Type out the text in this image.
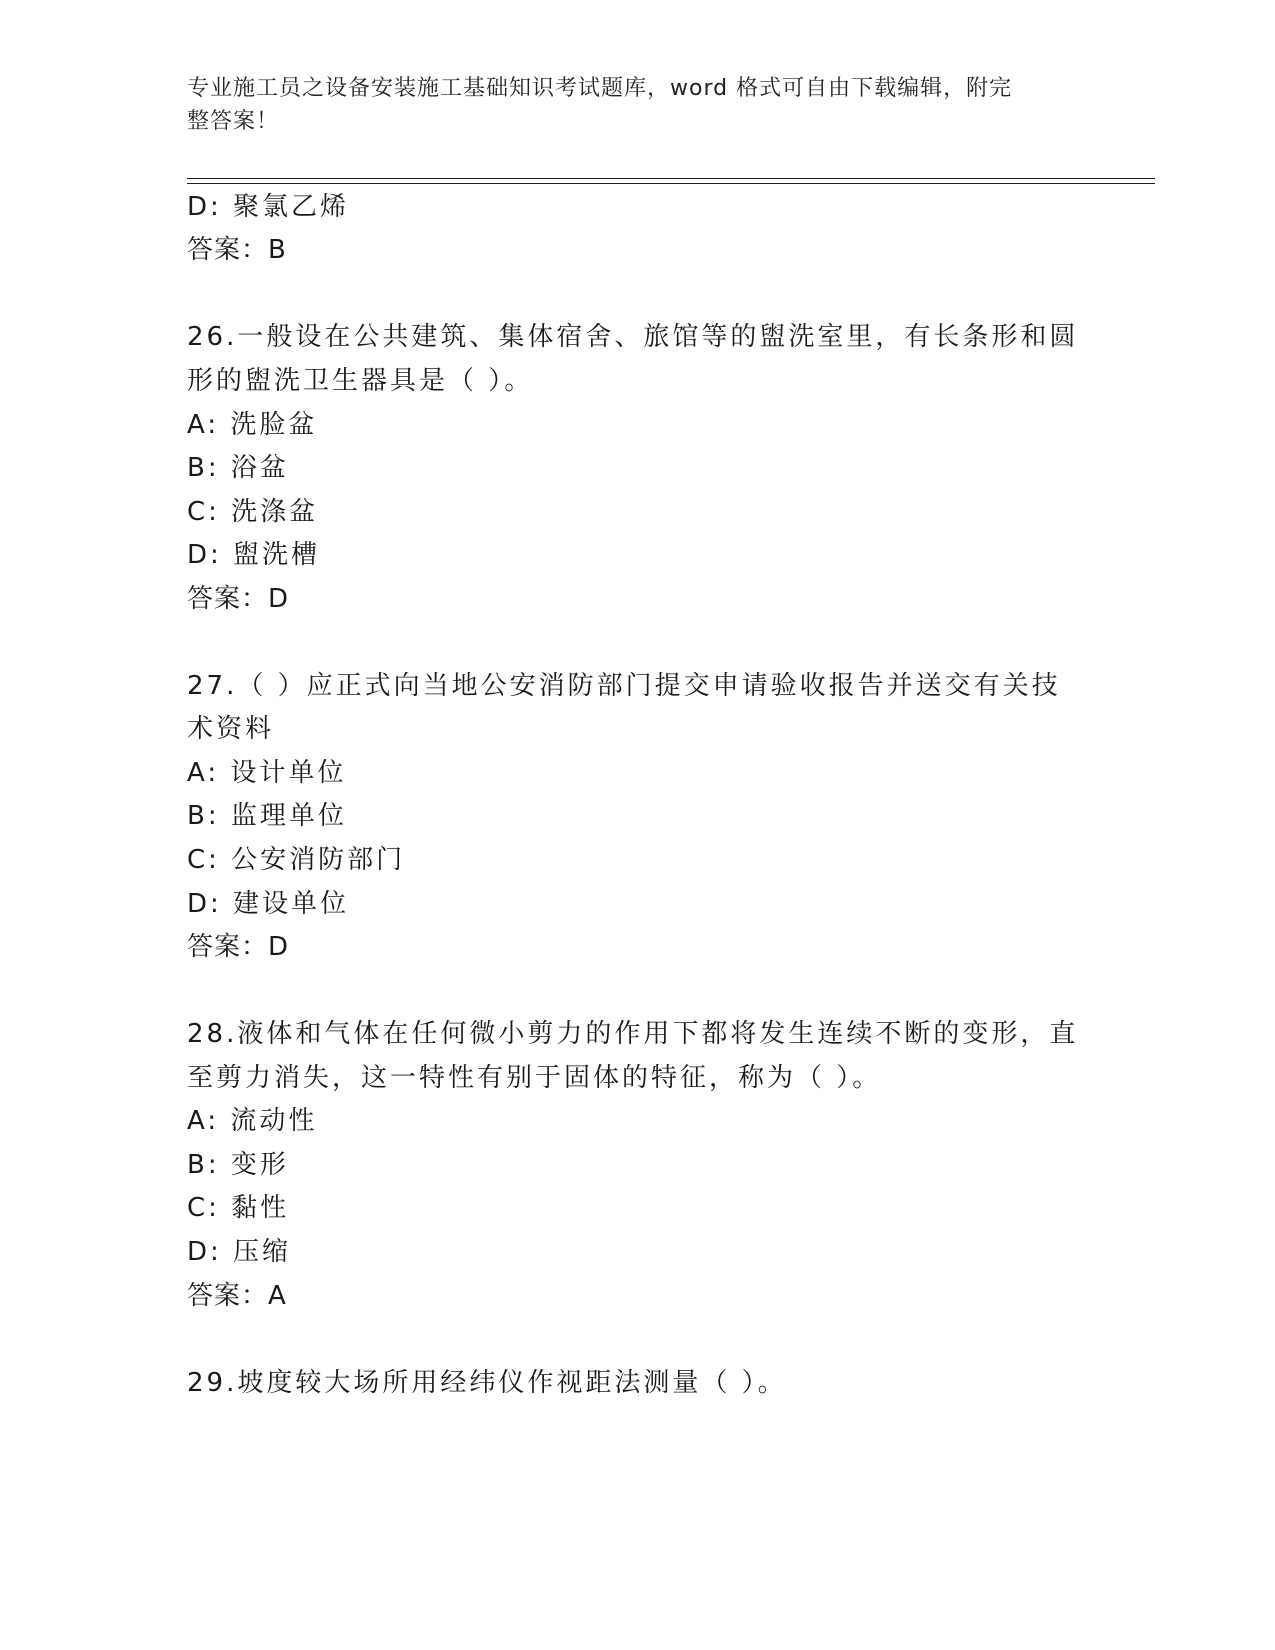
专业施工员之设备安装施工基础知识考试题库，word 格式可自由下载编辑，附完
整答案！
D: 聚氯乙烯
答案：B
26.一般设在公共建筑、集体宿舍、旅馆等的盥洗室里，有长条形和圆
形的盥洗卫生器具是（ ）。
A: 洗脸盆
B: 浴盆
C: 洗涤盆
D: 盥洗槽
答案：D
27.（ ）应正式向当地公安消防部门提交申请验收报告并送交有关技
术资料
A: 设计单位
B: 监理单位
C: 公安消防部门
D: 建设单位
答案：D
28.液体和气体在任何微小剪力的作用下都将发生连续不断的变形，直
至剪力消失，这一特性有别于固体的特征，称为（ ）。
A: 流动性
B: 变形
C: 黏性
D: 压缩
答案：A
29.坡度较大场所用经纬仪作视距法测量（ ）。
